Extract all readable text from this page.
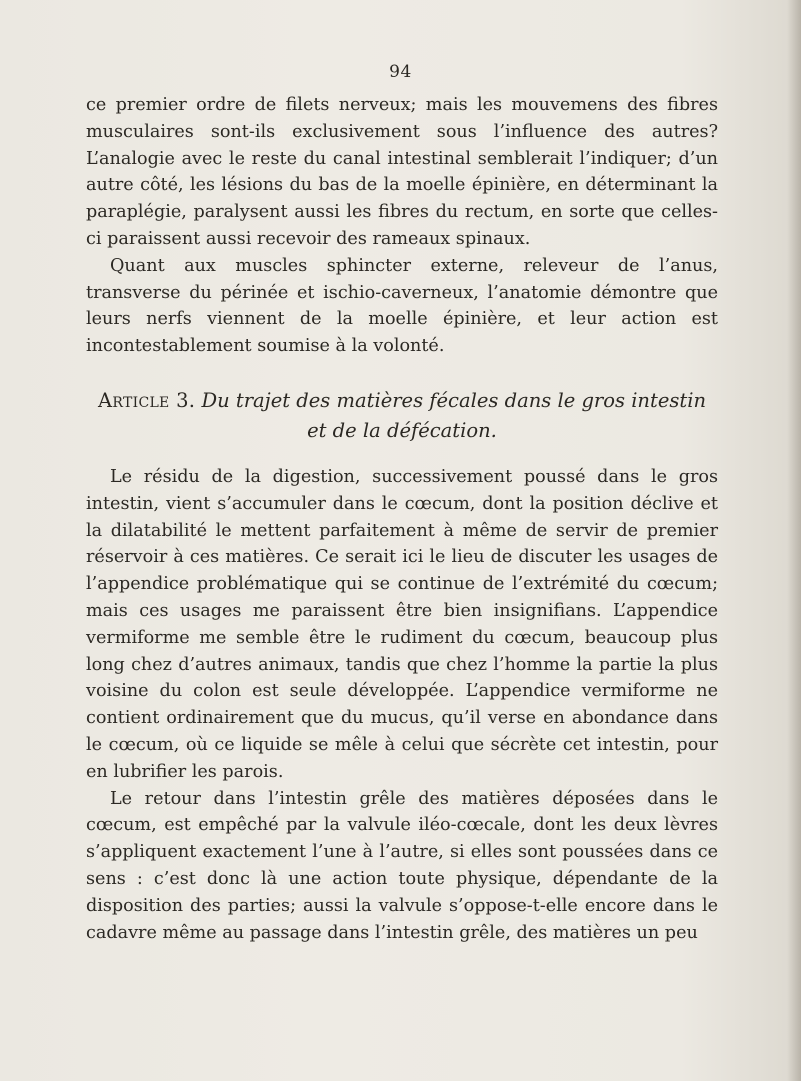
94

ce premier ordre de filets nerveux; mais les mouvemens des fibres musculaires sont-ils exclusivement sous l’influence des autres? L’analogie avec le reste du canal intestinal semblerait l’indiquer; d’un autre côté, les lésions du bas de la moelle épinière, en déterminant la paraplégie, paralysent aussi les fibres du rectum, en sorte que celles-ci paraissent aussi recevoir des rameaux spinaux.

Quant aux muscles sphincter externe, releveur de l’anus, transverse du périnée et ischio-caverneux, l’anatomie démontre que leurs nerfs viennent de la moelle épinière, et leur action est incontestablement soumise à la volonté.

Article 3. Du trajet des matières fécales dans le gros intestin et de la défécation.

Le résidu de la digestion, successivement poussé dans le gros intestin, vient s’accumuler dans le cœcum, dont la position déclive et la dilatabilité le mettent parfaitement à même de servir de premier réservoir à ces matières. Ce serait ici le lieu de discuter les usages de l’appendice problématique qui se continue de l’extrémité du cœcum; mais ces usages me paraissent être bien insignifians. L’appendice vermiforme me semble être le rudiment du cœcum, beaucoup plus long chez d’autres animaux, tandis que chez l’homme la partie la plus voisine du colon est seule développée. L’appendice vermiforme ne contient ordinairement que du mucus, qu’il verse en abondance dans le cœcum, où ce liquide se mêle à celui que sécrète cet intestin, pour en lubrifier les parois.

Le retour dans l’intestin grêle des matières déposées dans le cœcum, est empêché par la valvule iléo-cœcale, dont les deux lèvres s’appliquent exactement l’une à l’autre, si elles sont poussées dans ce sens : c’est donc là une action toute physique, dépendante de la disposition des parties; aussi la valvule s’oppose-t-elle encore dans le cadavre même au passage dans l’intestin grêle, des matières un peu
